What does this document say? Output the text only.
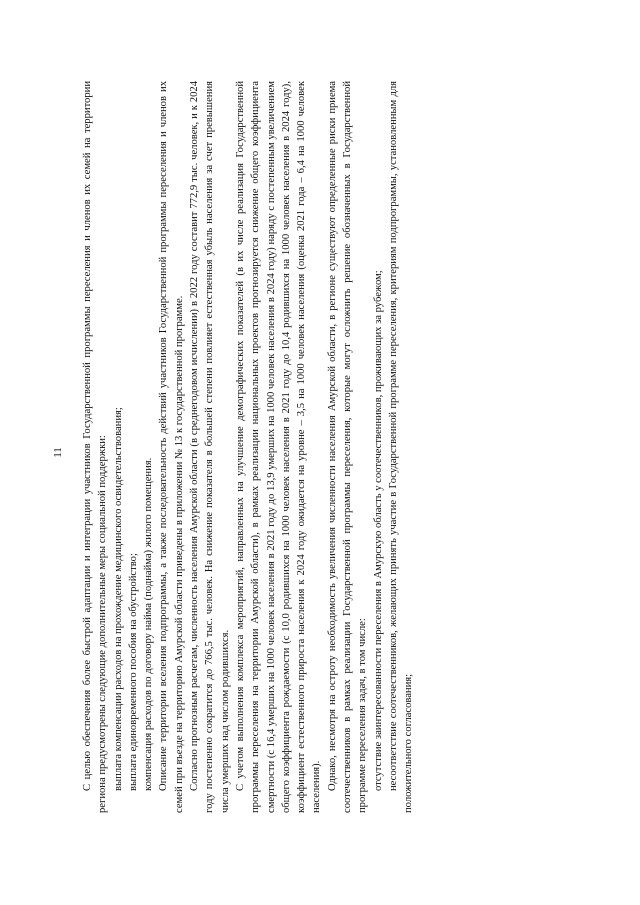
11 С целью обеспечения более быстрой адаптации и интеграции участников Государственной программы переселения и членов их семей на территории региона предусмотрены следующие дополнительные меры социальной поддержки: выплата компенсации расходов на прохождение медицинского освидетельствования; выплата единовременного пособия на обустройство; компенсация расходов по договору найма (поднайма) жилого помещения. Описание территории вселения подпрограммы, а также последовательность действий участников Государственной программы переселения и членов их семей при въезде на территорию Амурской области приведены в приложении № 13 к государственной программе. Согласно прогнозным расчетам, численность населения Амурской области (в среднегодовом исчислении) в 2022 году составит 772,9 тыс. человек, и к 2024 году постепенно сократится до 766,5 тыс. человек. На снижение показателя в большей степени повлияет естественная убыль населения за счет превышения числа умерших над числом родившихся. С учетом выполнения комплекса мероприятий, направленных на улучшение демографических показателей (в их числе реализация Государственной программы переселения на территории Амурской области), в рамках реализации национальных проектов прогнозируется снижение общего коэффициента смертности (с 16,4 умерших на 1000 человек населения в 2021 году до 13,9 умерших на 1000 человек населения в 2024 году) наряду с постепенным увеличением общего коэффициента рождаемости (с 10,0 родившихся на 1000 человек населения в 2021 году до 10,4 родившихся на 1000 человек населения в 2024 году), коэффициент естественного прироста населения к 2024 году ожидается на уровне – 3,5 на 1000 человек населения (оценка 2021 года – 6,4 на 1000 человек населения). Однако, несмотря на остроту необходимость увеличения численности населения Амурской области, в регионе существуют определенные риски приема соотечественников в рамках реализации Государственной программы переселения, которые могут осложнить решение обозначенных в Государственной программе переселения задач, в том числе: отсутствие заинтересованности переселения в Амурскую область у соотечественников, проживающих за рубежом; несоответствие соотечественников, желающих принять участие в Государственной программе переселения, критериям подпрограммы, установленным для положительного согласования;
